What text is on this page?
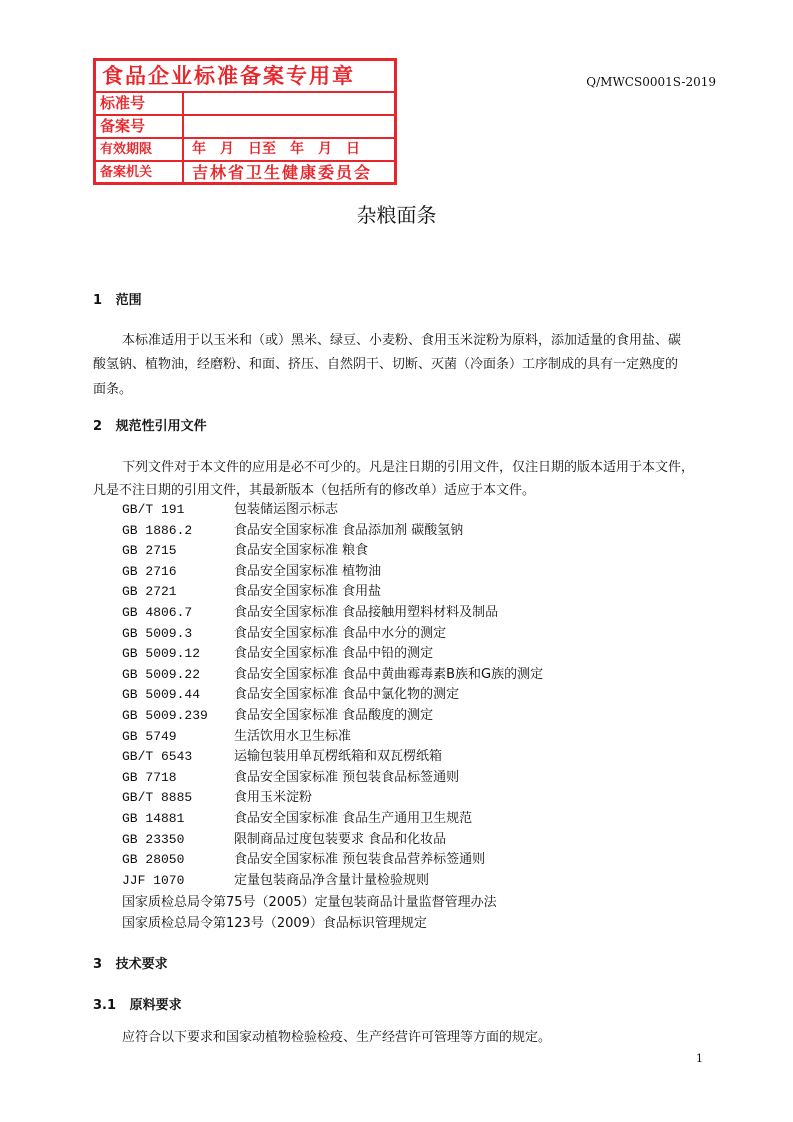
Q/MWCS0001S-2019
杂粮面条
1 范围
本标准适用于以玉米和（或）黑米、绿豆、小麦粉、食用玉米淀粉为原料，添加适量的食用盐、碳
酸氢钠、植物油，经磨粉、和面、挤压、自然阴干、切断、灭菌（冷面条）工序制成的具有一定熟度的
面条。
2 规范性引用文件
下列文件对于本文件的应用是必不可少的。凡是注日期的引用文件，仅注日期的版本适用于本文件，
凡是不注日期的引用文件，其最新版本（包括所有的修改单）适应于本文件。
GB/T 191	包装储运图示标志
GB 1886.2	食品安全国家标准 食品添加剂 碳酸氢钠
GB 2715	食品安全国家标准 粮食
GB 2716	食品安全国家标准 植物油
GB 2721	食品安全国家标准 食用盐
GB 4806.7	食品安全国家标准 食品接触用塑料材料及制品
GB 5009.3	食品安全国家标准 食品中水分的测定
GB 5009.12	食品安全国家标准 食品中铅的测定
GB 5009.22	食品安全国家标准 食品中黄曲霉毒素B族和G族的测定
GB 5009.44	食品安全国家标准 食品中氯化物的测定
GB 5009.239 食品安全国家标准 食品酸度的测定
GB 5749	生活饮用水卫生标准
GB/T 6543	运输包装用单瓦楞纸箱和双瓦楞纸箱
GB 7718	食品安全国家标准 预包装食品标签通则
GB/T 8885	食用玉米淀粉
GB 14881	食品安全国家标准 食品生产通用卫生规范
GB 23350	限制商品过度包装要求 食品和化妆品
GB 28050	食品安全国家标准 预包装食品营养标签通则
JJF 1070	定量包装商品净含量计量检验规则
国家质检总局令第75号（2005）定量包装商品计量监督管理办法
国家质检总局令第123号（2009）食品标识管理规定
3 技术要求
3.1 原料要求
应符合以下要求和国家动植物检验检疫、生产经营许可管理等方面的规定。
1
食品企业标准备案专用章
标准号
备案号
有效期限	年　月　日至　年　月　日
备案机关 吉林省卫生健康委员会
